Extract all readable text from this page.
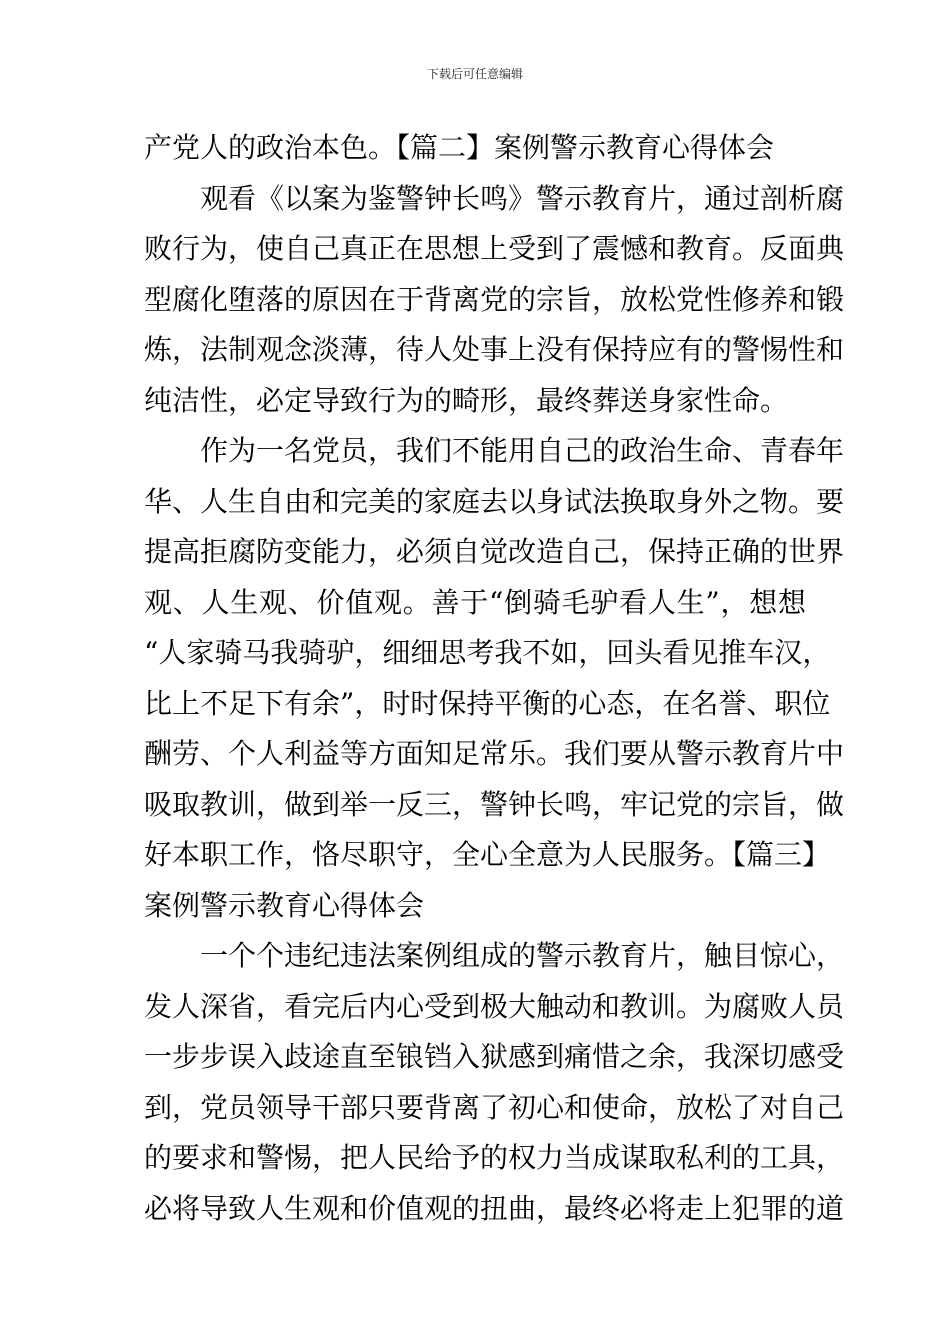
下载后可任意编辑
产党人的政治本色。【篇二】案例警示教育心得体会
观看《以案为鉴警钟长鸣》警示教育片，通过剖析腐
败行为，使自己真正在思想上受到了震憾和教育。反面典
型腐化堕落的原因在于背离党的宗旨，放松党性修养和锻
炼，法制观念淡薄，待人处事上没有保持应有的警惕性和
纯洁性，必定导致行为的畸形，最终葬送身家性命。
作为一名党员，我们不能用自己的政治生命、青春年
华、人生自由和完美的家庭去以身试法换取身外之物。要
提高拒腐防变能力，必须自觉改造自己，保持正确的世界
观、人生观、价值观。善于“倒骑毛驴看人生”，想想
“人家骑马我骑驴，细细思考我不如，回头看见推车汉，
比上不足下有余”，时时保持平衡的心态，在名誉、职位
酬劳、个人利益等方面知足常乐。我们要从警示教育片中
吸取教训，做到举一反三，警钟长鸣，牢记党的宗旨，做
好本职工作，恪尽职守，全心全意为人民服务。【篇三】
案例警示教育心得体会
一个个违纪违法案例组成的警示教育片，触目惊心，
发人深省，看完后内心受到极大触动和教训。为腐败人员
一步步误入歧途直至锒铛入狱感到痛惜之余，我深切感受
到，党员领导干部只要背离了初心和使命，放松了对自己
的要求和警惕，把人民给予的权力当成谋取私利的工具，
必将导致人生观和价值观的扭曲，最终必将走上犯罪的道
